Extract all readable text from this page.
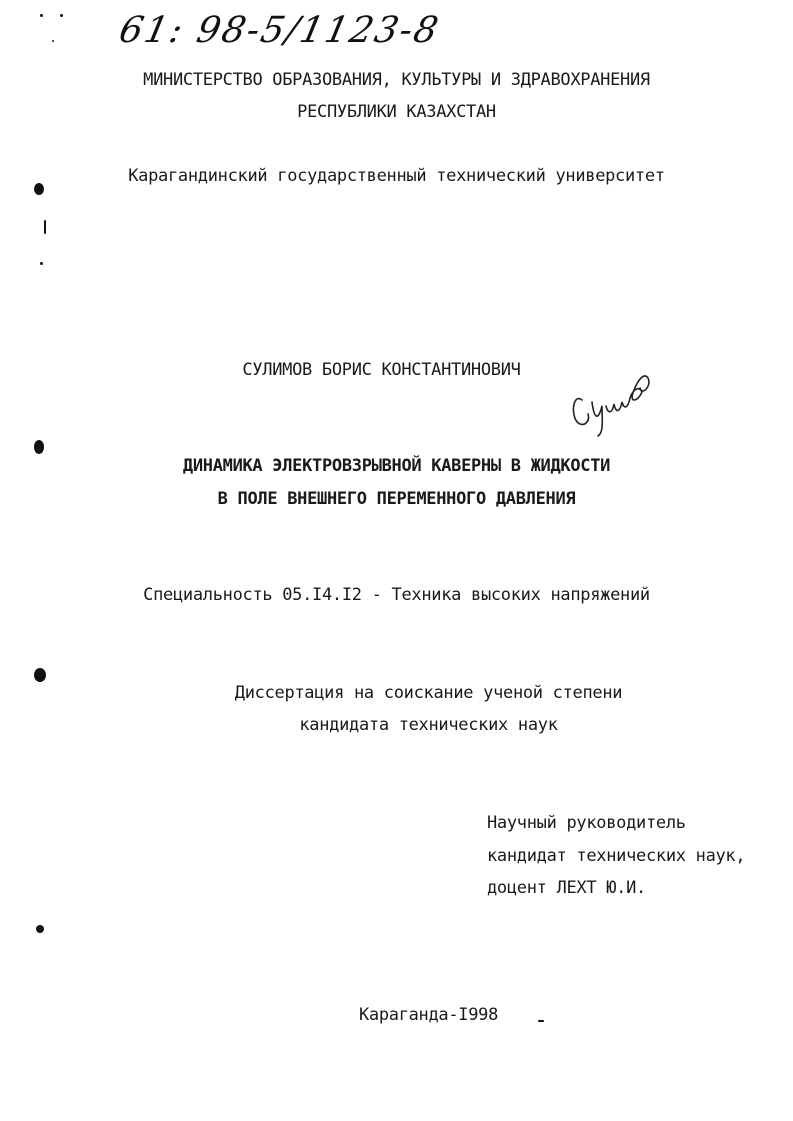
61: 98-5/1123-8
МИНИСТЕРСТВО ОБРАЗОВАНИЯ, КУЛЬТУРЫ И ЗДРАВОХРАНЕНИЯ
РЕСПУБЛИКИ КАЗАХСТАН
Карагандинский государственный технический университет
СУЛИМОВ БОРИС КОНСТАНТИНОВИЧ
ДИНАМИКА ЭЛЕКТРОВЗРЫВНОЙ КАВЕРНЫ В ЖИДКОСТИ
В ПОЛЕ ВНЕШНЕГО ПЕРЕМЕННОГО ДАВЛЕНИЯ
Специальность 05.I4.I2 - Техника высоких напряжений
Диссертация на соискание ученой степени
кандидата технических наук
Научный руководитель
кандидат технических наук,
доцент ЛЕХТ Ю.И.
Караганда-I998
